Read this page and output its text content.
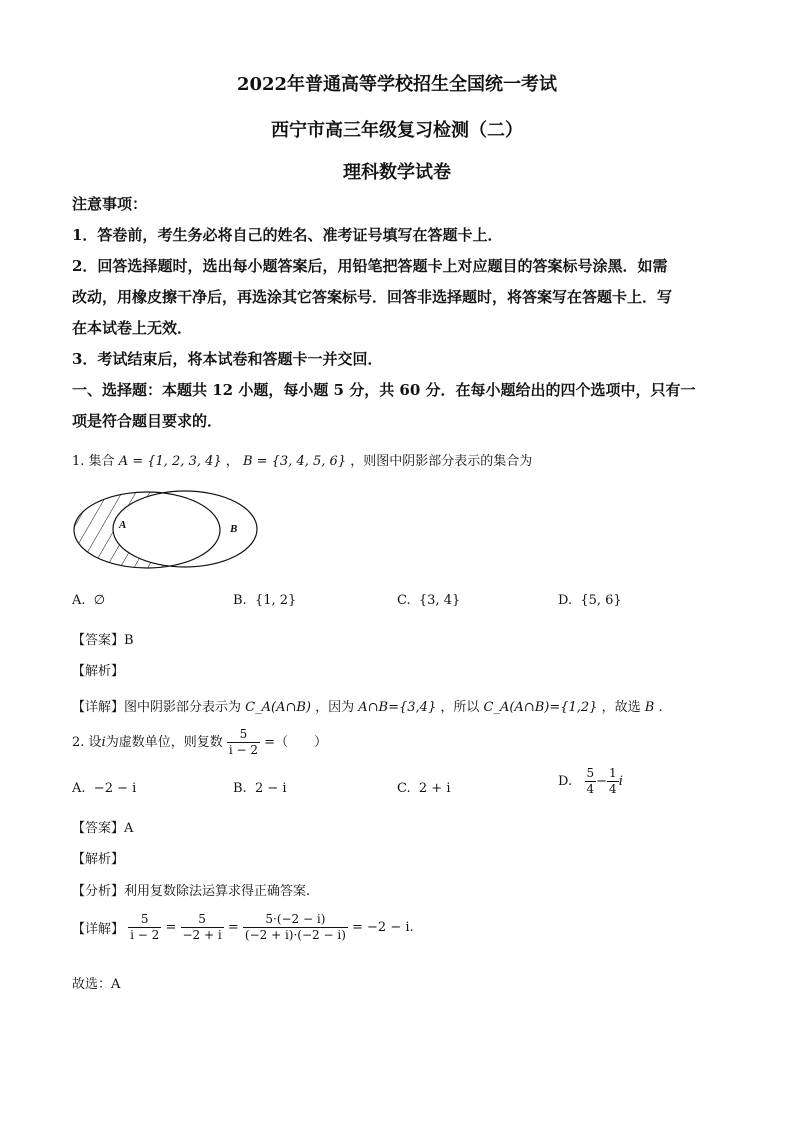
2022年普通高等学校招生全国统一考试
西宁市高三年级复习检测（二）
理科数学试卷
注意事项：
1．答卷前，考生务必将自己的姓名、准考证号填写在答题卡上．
2．回答选择题时，选出每小题答案后，用铅笔把答题卡上对应题目的答案标号涂黑．如需
改动，用橡皮擦干净后，再选涂其它答案标号．回答非选择题时，将答案写在答题卡上．写
在本试卷上无效．
3．考试结束后，将本试卷和答题卡一并交回．
一、选择题：本题共 12 小题，每小题 5 分，共 60 分．在每小题给出的四个选项中，只有一
项是符合题目要求的．
1. 集合 A = {1, 2, 3, 4} ， B = {3, 4, 5, 6} ，则图中阴影部分表示的集合为
A	B
A. ∅	B. {1, 2}	C. {3, 4}	D. {5, 6}
【答案】B
【解析】
【详解】图中阴影部分表示为 C_A(A∩B) ，因为 A∩B={3,4} ，所以 C_A(A∩B)={1,2} ，故选 B .
2. 设i为虚数单位，则复数 $\frac{5}{i - 2}$ =（　　）
A. −2 − i	B. 2 − i	C. 2 + i	D. $\frac{5}{4} - \frac{1}{4}$ i
【答案】A
【解析】
【分析】利用复数除法运算求得正确答案.
【详解】 $\frac{5}{i - 2} = \frac{5}{-2 + i} = \frac{5\cdot(-2 - i)}{(-2 + i)\cdot(-2 - i)} = -2 - i$.
故选：A
